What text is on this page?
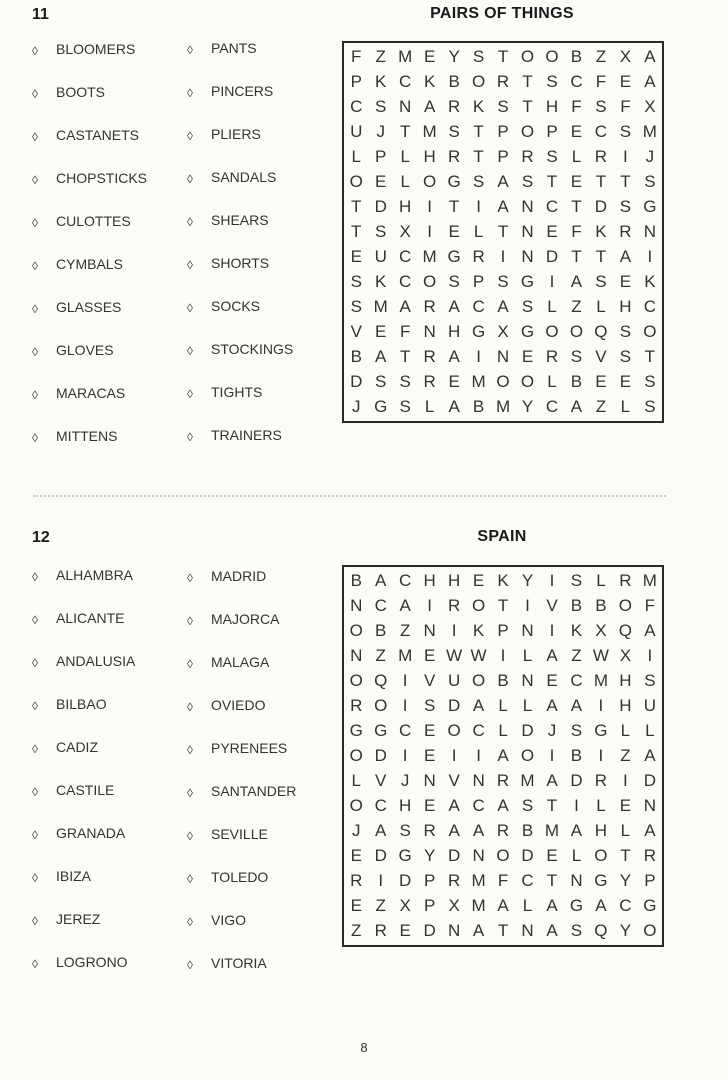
11	PAIRS OF THINGS
◊ BLOOMERS
◊ BOOTS
◊ CASTANETS
◊ CHOPSTICKS
◊ CULOTTES
◊ CYMBALS
◊ GLASSES
◊ GLOVES
◊ MARACAS
◊ MITTENS
◊ PANTS
◊ PINCERS
◊ PLIERS
◊ SANDALS
◊ SHEARS
◊ SHORTS
◊ SOCKS
◊ STOCKINGS
◊ TIGHTS
◊ TRAINERS
F Z M E Y S T O O B Z X A
P K C K B O R T S C F E A
C S N A R K S T H F S F X
U J T M S T P O P E C S M
L P L H R T P R S L R I	J
O E L O G S A S T E T T S
T D H I T I A N C T D S G
T S X I E L T N E F K R N
E U C M G R I N D T T A I
S K C O S P S G I A S E K
S M A R A C A S L Z L H C
V E F N H G X G O O Q S O
B A T R A I N E R S V S T
D S S R E M O O L B E E S
J G S L A B M Y C A Z L S
12	SPAIN
◊ ALHAMBRA
◊ ALICANTE
◊ ANDALUSIA
◊ BILBAO
◊ CADIZ
◊ CASTILE
◊ GRANADA
◊ IBIZA
◊ JEREZ
◊ LOGRONO
◊ MADRID
◊ MAJORCA
◊ MALAGA
◊ OVIEDO
◊ PYRENEES
◊ SANTANDER
◊ SEVILLE
◊ TOLEDO
◊ VIGO
◊ VITORIA
B A C H H E K Y I S L R M
N C A I R O T I V B B O F
O B Z N I K P N I K X Q A
N Z M E W W I	L A Z W X I
O Q I V U O B N E C M H S
R O I S D A L L A A I H U
G G C E O C L D J S G L L
O D I E I	I A O I B I Z A
L V J N V N R M A D R I D
O C H E A C A S T I	L E N
J A S R A A R B M A H L A
E D G Y D N O D E L O T R
R I D P R M F C T N G Y P
E Z X P X M A L A G A C G
Z R E D N A T N A S Q Y O
8
